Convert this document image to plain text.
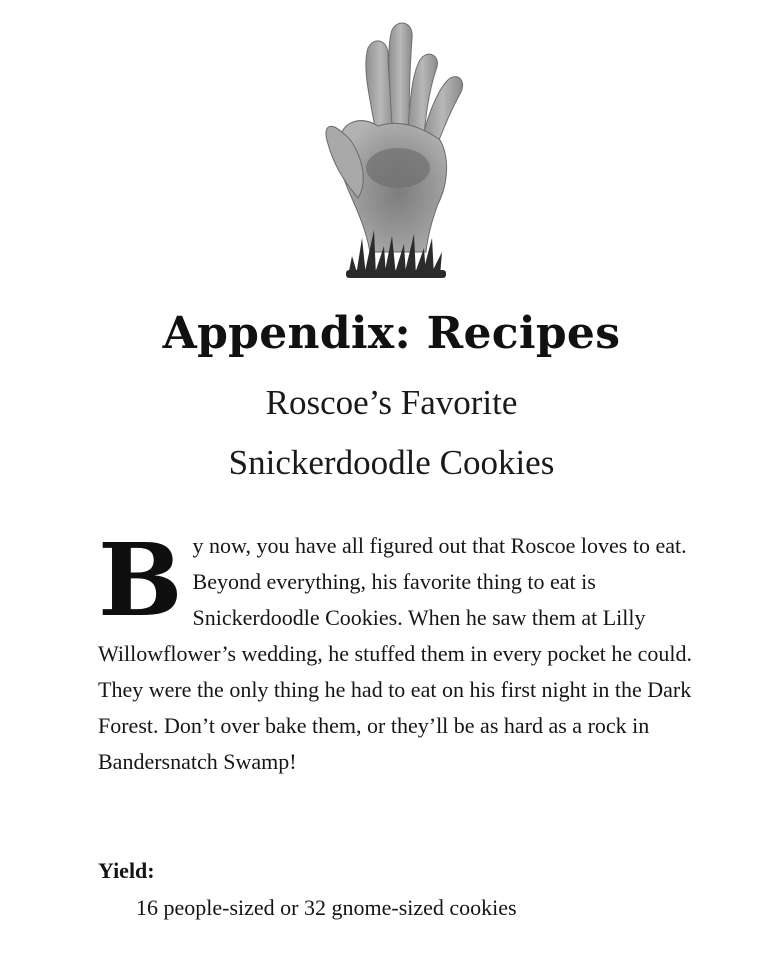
Appendix: Recipes
Roscoe’s Favorite
Snickerdoodle Cookies
B y now, you have all figured out that Roscoe loves to eat. Beyond everything, his favorite thing to eat is Snickerdoodle Cookies. When he saw them at Lilly Willowflower’s wedding, he stuffed them in every pocket he could. They were the only thing he had to eat on his first night in the Dark Forest. Don’t over bake them, or they’ll be as hard as a rock in Bandersnatch Swamp!
Yield:
16 people-sized or 32 gnome-sized cookies
